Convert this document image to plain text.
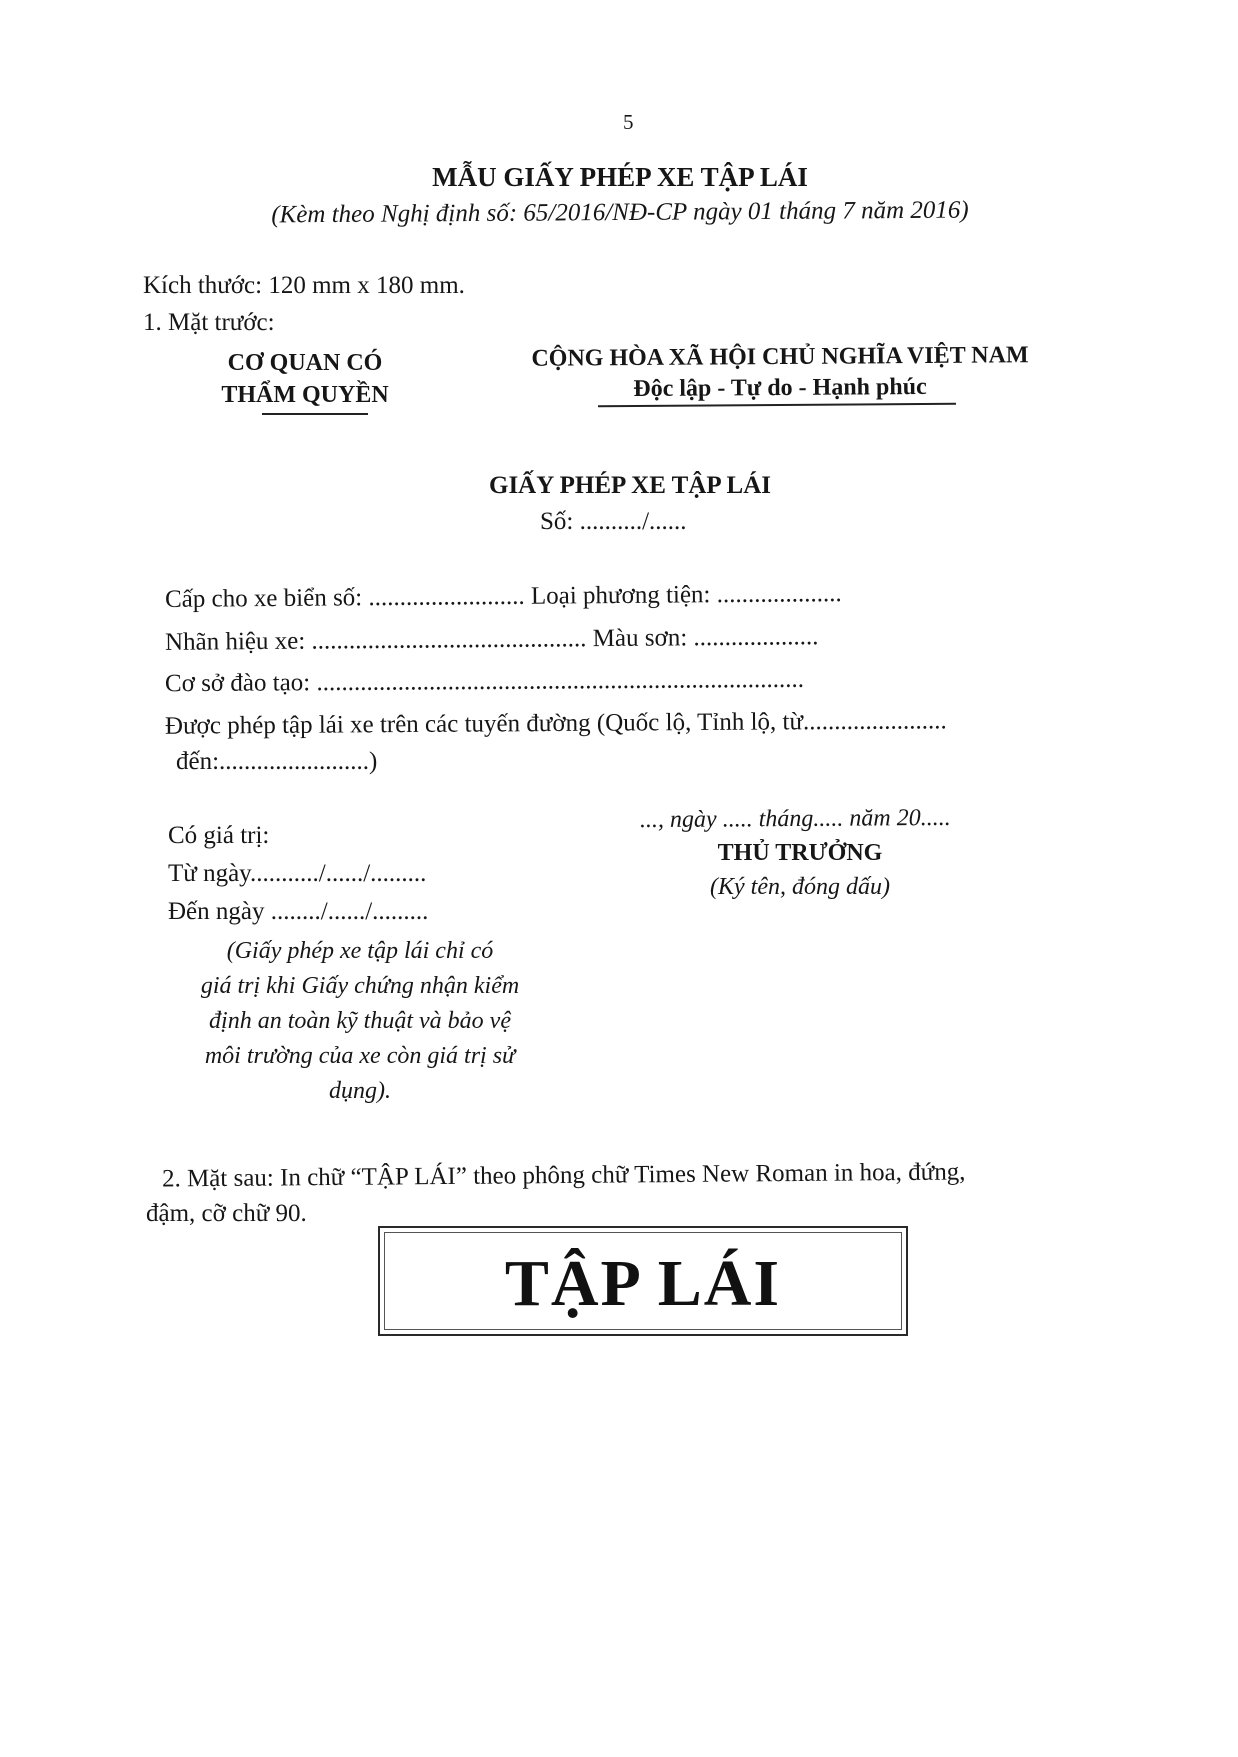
5
MẪU GIẤY PHÉP XE TẬP LÁI
(Kèm theo Nghị định số: 65/2016/NĐ-CP ngày 01 tháng 7 năm 2016)
Kích thước: 120 mm x 180 mm.
1. Mặt trước:
CƠ QUAN CÓ
THẨM QUYỀN
CỘNG HÒA XÃ HỘI CHỦ NGHĨA VIỆT NAM
Độc lập - Tự do - Hạnh phúc
GIẤY PHÉP XE TẬP LÁI
Số: ........../......
Cấp cho xe biển số: ......................... Loại phương tiện: ....................
Nhãn hiệu xe: ............................................ Màu sơn: ....................
Cơ sở đào tạo: ..............................................................................
Được phép tập lái xe trên các tuyến đường (Quốc lộ, Tỉnh lộ, từ.......................
đến:........................)
Có giá trị:
Từ ngày.........../....../.........
Đến ngày ......../....../.........
(Giấy phép xe tập lái chỉ có
giá trị khi Giấy chứng nhận kiểm
định an toàn kỹ thuật và bảo vệ
môi trường của xe còn giá trị sử
dụng).
..., ngày ..... tháng..... năm 20.....
THỦ TRƯỞNG
(Ký tên, đóng dấu)
2. Mặt sau: In chữ “TẬP LÁI” theo phông chữ Times New Roman in hoa, đứng,
đậm, cỡ chữ 90.
TẬP LÁI
